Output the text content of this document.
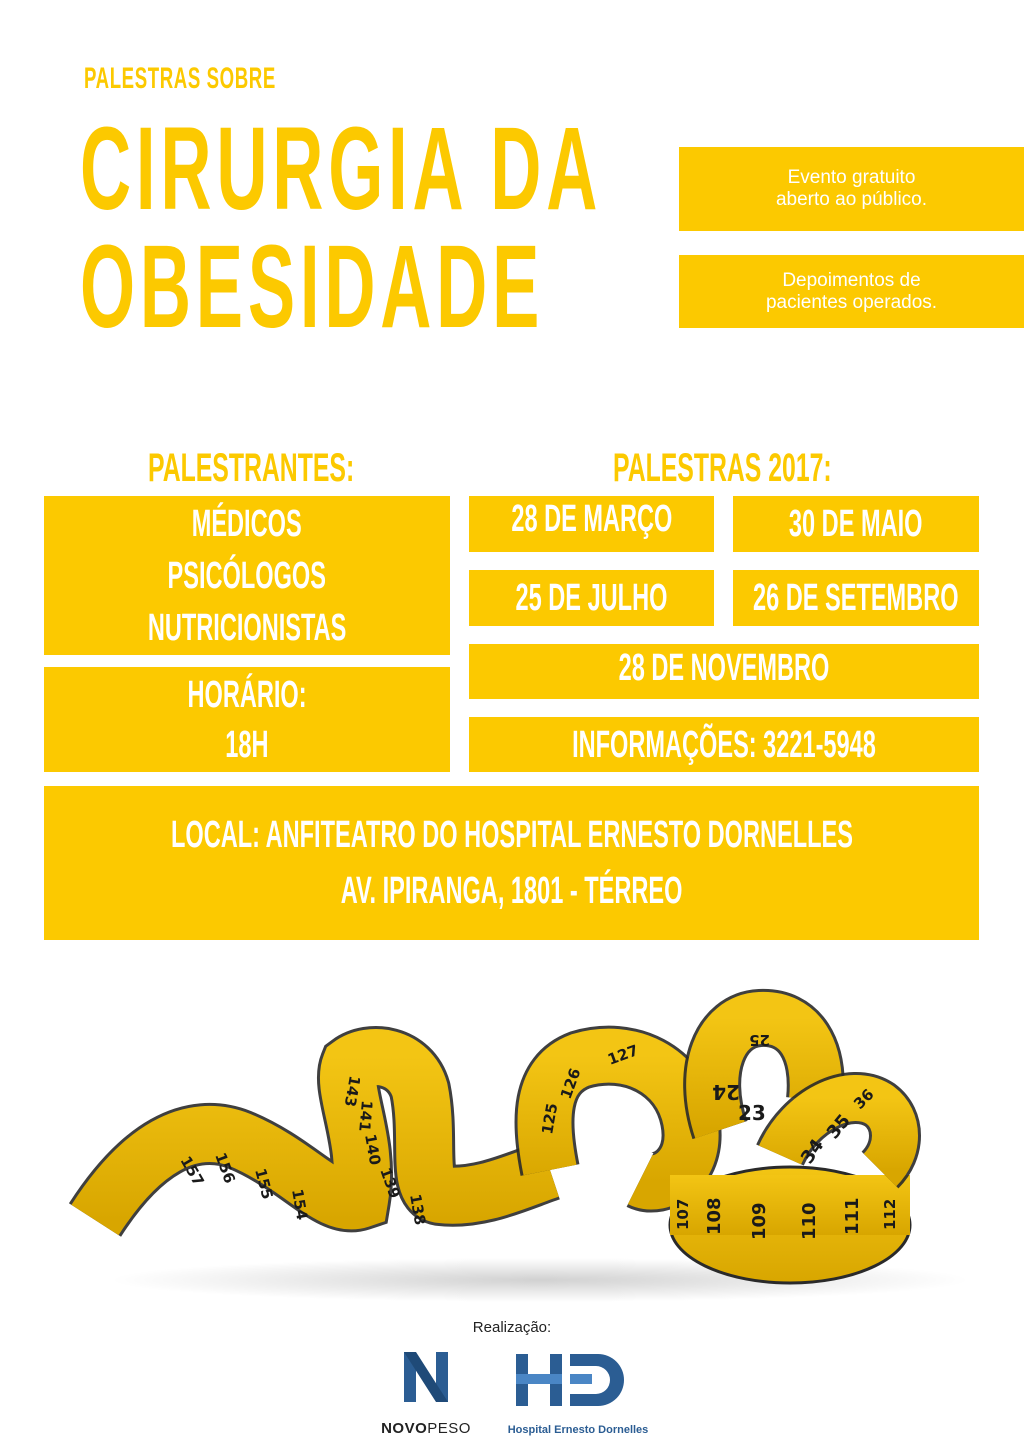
PALESTRAS SOBRE
CIRURGIA DA
OBESIDADE
Evento gratuito
aberto ao público.
Depoimentos de
pacientes operados.
PALESTRANTES:	PALESTRAS 2017:
MÉDICOS
PSICÓLOGOS
NUTRICIONISTAS
HORÁRIO:
18H
28 DE MARÇO	30 DE MAIO
25 DE JULHO 26 DE SETEMBRO
28 DE NOVEMBRO
INFORMAÇÕES: 3221-5948
LOCAL: ANFITEATRO DO HOSPITAL ERNESTO DORNELLES
AV. IPIRANGA, 1801 - TÉRREO
157 156 155
154
143
141
140
139
138
126
125
127
24
23
25
36
35
34
107 108 109 110 111 112
Realização:
N
NOVOPESO
HED
Hospital Ernesto Dornelles
